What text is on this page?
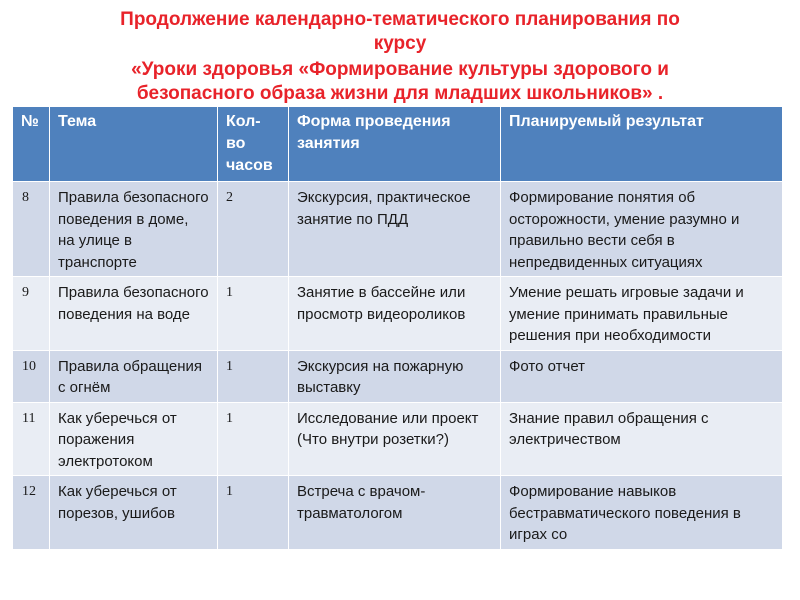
Продолжение календарно-тематического планирования по
курсу
«Уроки здоровья «Формирование культуры здорового и
безопасного образа жизни для младших школьников» .
№	Тема	Кол-во часов	Форма проведения занятия	Планируемый результат
8	Правила безопасного поведения в доме, на улице в транспорте	2	Экскурсия, практическое занятие по ПДД	Формирование понятия об осторожности, умение разумно и правильно вести себя в непредвиденных ситуациях
9	Правила безопасного поведения на воде	1	Занятие в бассейне или просмотр видеороликов	Умение решать игровые задачи и умение принимать правильные решения при необходимости
10	Правила обращения с огнём	1	Экскурсия на пожарную выставку	Фото отчет
11	Как уберечься от поражения электротоком	1	Исследование или проект (Что внутри розетки?)	Знание правил обращения с электричеством
12	Как уберечься от порезов, ушибов	1	Встреча с врачом-травматологом	Формирование навыков бестравматического поведения в играх со
